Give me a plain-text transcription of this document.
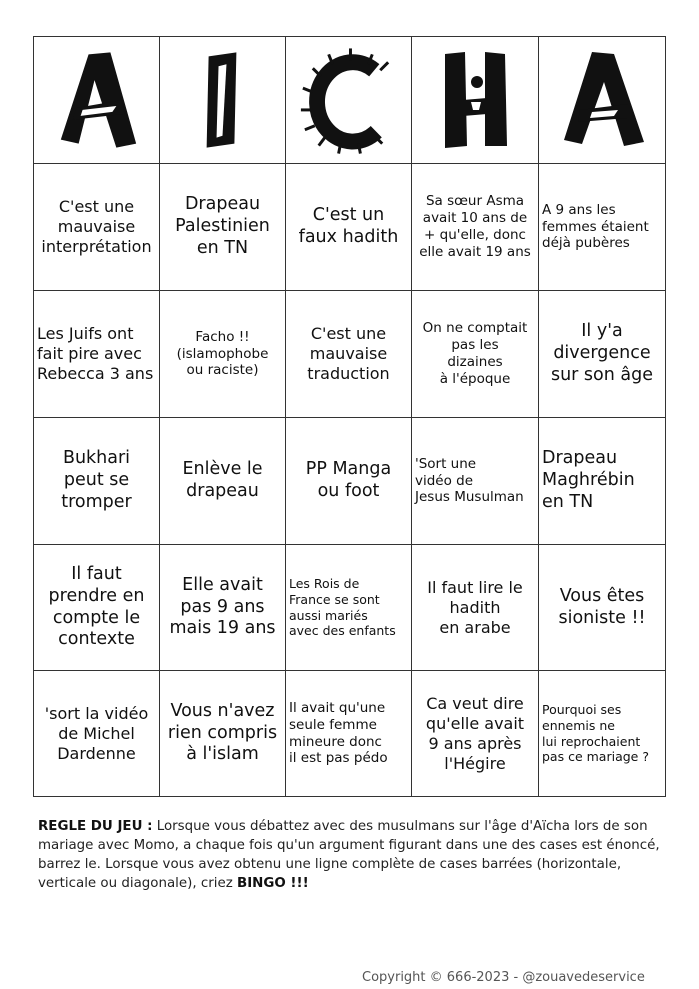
C'est une
mauvaise
interprétation
Drapeau
Palestinien
en TN
C'est un
faux hadith
Sa sœur Asma
avait 10 ans de
+ qu'elle, donc
elle avait 19 ans
A 9 ans les
femmes étaient
déjà pubères
Les Juifs ont
fait pire avec
Rebecca 3 ans
Facho !!
(islamophobe
ou raciste)
C'est une
mauvaise
traduction
On ne comptait
pas les
dizaines
à l'époque
Il y'a
divergence
sur son âge
Bukhari
peut se
tromper
Enlève le
drapeau
PP Manga
ou foot
'Sort une
vidéo de
Jesus Musulman
Drapeau
Maghrébin
en TN
Il faut
prendre en
compte le
contexte
Elle avait
pas 9 ans
mais 19 ans
Les Rois de
France se sont
aussi mariés
avec des enfants
Il faut lire le
hadith
en arabe
Vous êtes
sioniste !!
'sort la vidéo
de Michel
Dardenne
Vous n'avez
rien compris
à l'islam
Il avait qu'une
seule femme
mineure donc
il est pas pédo
Ca veut dire
qu'elle avait
9 ans après
l'Hégire
Pourquoi ses
ennemis ne
lui reprochaient
pas ce mariage ?
REGLE DU JEU : Lorsque vous débattez avec des musulmans sur l'âge d'Aïcha lors de son mariage avec Momo, a chaque fois qu'un argument figurant dans une des cases est énoncé, barrez le. Lorsque vous avez obtenu une ligne complète de cases barrées (horizontale, verticale ou diagonale), criez BINGO !!!
Copyright © 666-2023 - @zouavedeservice
